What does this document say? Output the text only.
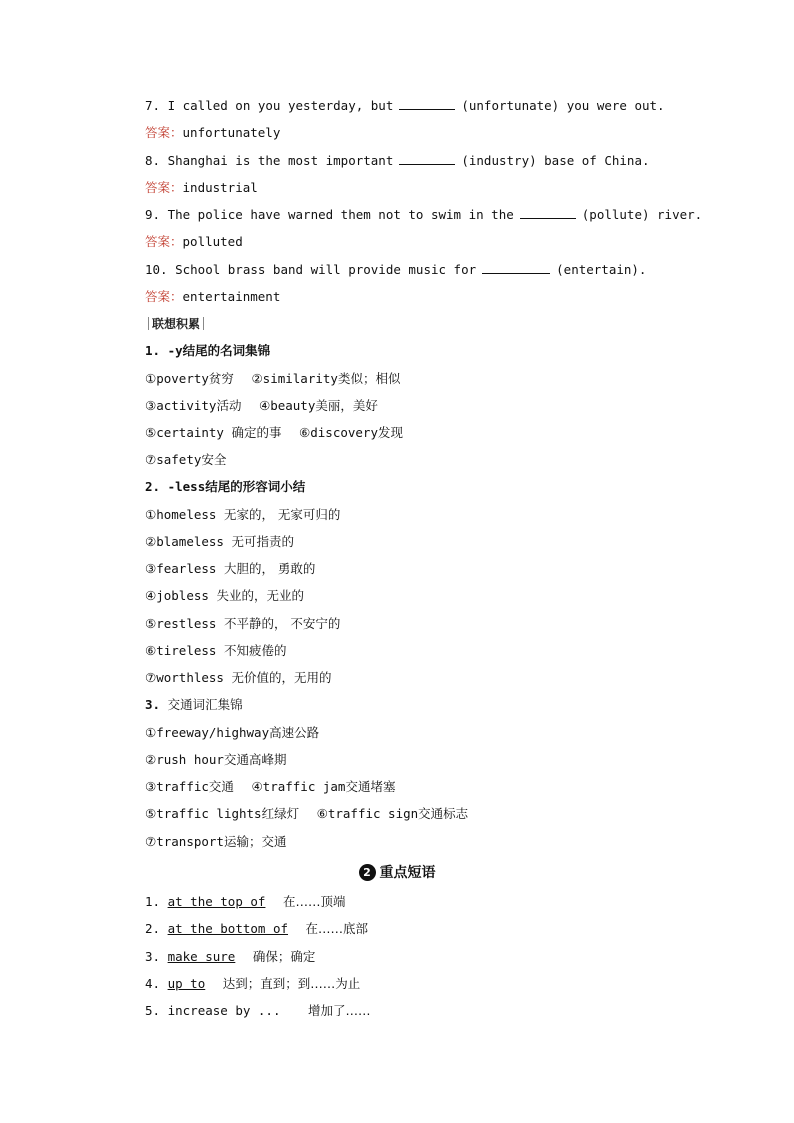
7. I called on you yesterday, but	(unfortunate) you were out.
答案：unfortunately
8. Shanghai is the most important	(industry) base of China.
答案：industrial
9. The police have warned them not to swim in the	(pollute) river.
答案：polluted
10. School brass band will provide music for	(entertain).
答案：entertainment
联想积累
1. -y结尾的名词集锦
①poverty贫穷 ②similarity类似；相似
③activity活动 ④beauty美丽，美好
⑤certainty 确定的事 ⑥discovery发现
⑦safety安全
2. -less结尾的形容词小结
①homeless 无家的， 无家可归的
②blameless 无可指责的
③fearless 大胆的， 勇敢的
④jobless 失业的，无业的
⑤restless 不平静的， 不安宁的
⑥tireless 不知疲倦的
⑦worthless 无价值的，无用的
3. 交通词汇集锦
①freeway/highway高速公路
②rush hour交通高峰期
③traffic交通 ④traffic jam交通堵塞
⑤traffic lights红绿灯 ⑥traffic sign交通标志
⑦transport运输；交通
2 重点短语
1. at the top of 在……顶端
2. at the bottom of 在……底部
3. make sure 确保；确定
4. up to 达到；直到；到……为止
5. increase by ... 增加了……
